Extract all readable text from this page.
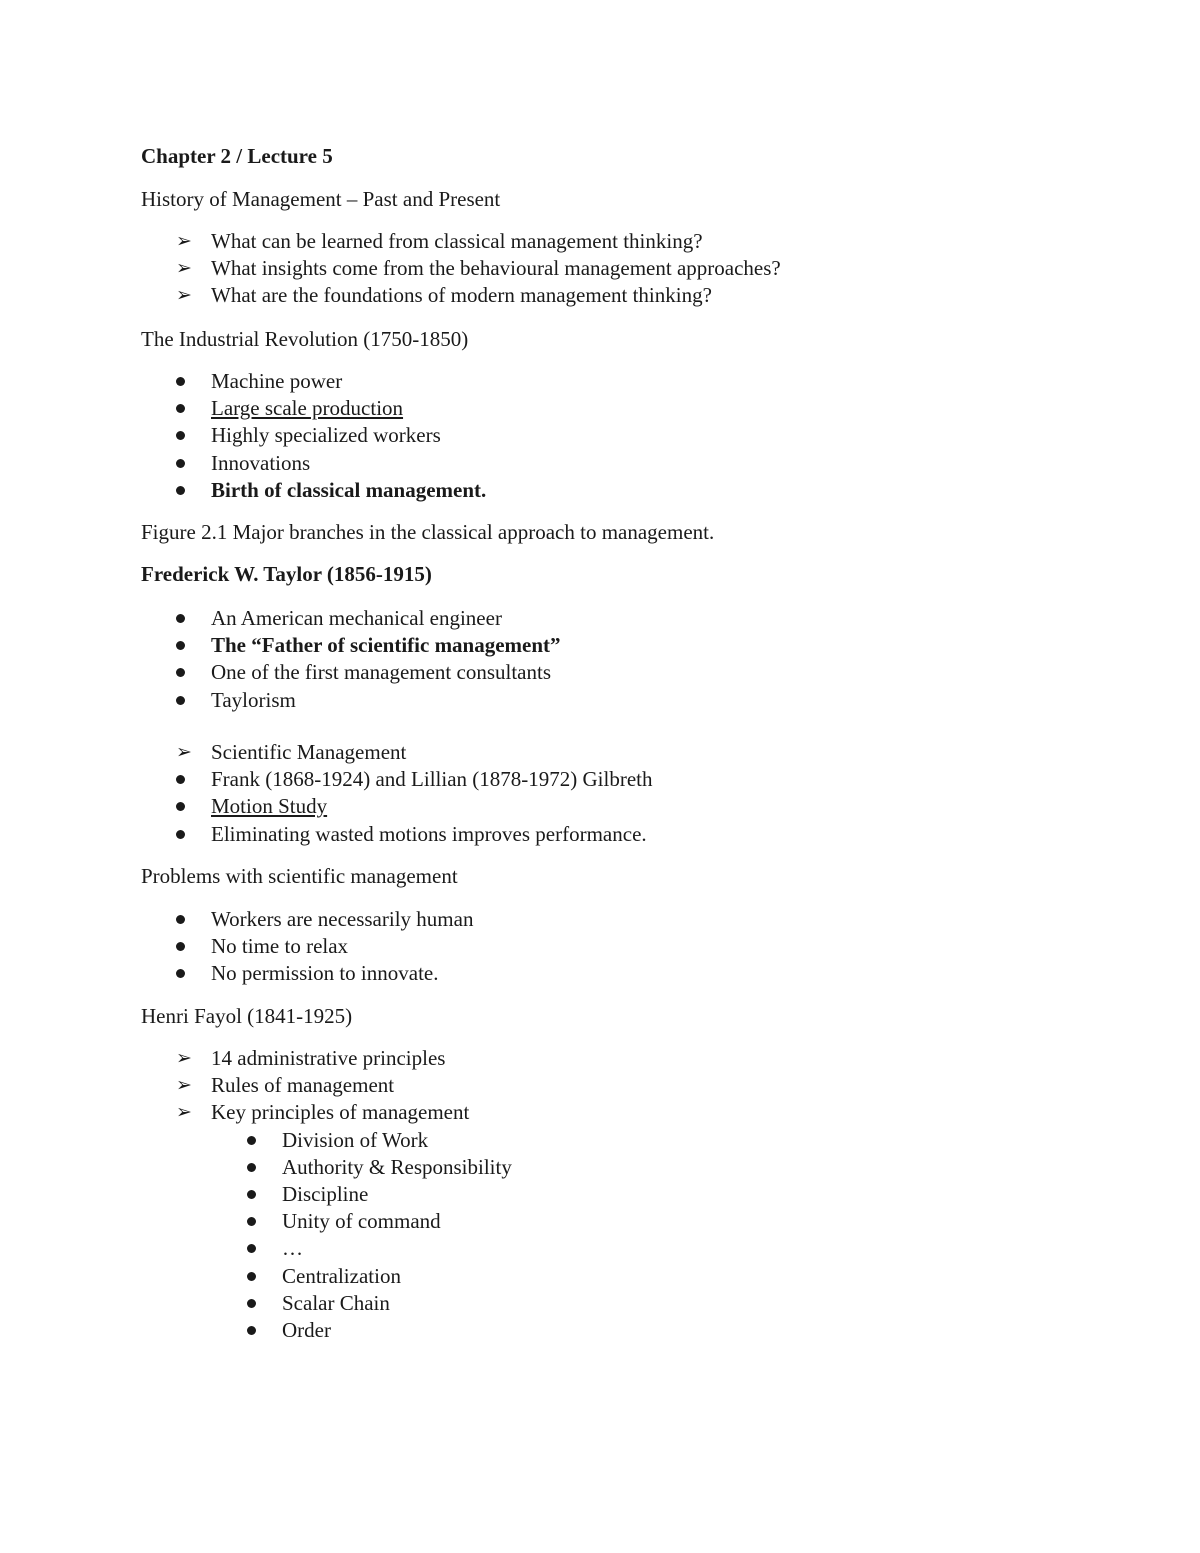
Chapter 2 / Lecture 5
History of Management – Past and Present
➢ What can be learned from classical management thinking?
➢ What insights come from the behavioural management approaches?
➢ What are the foundations of modern management thinking?
The Industrial Revolution (1750-1850)
Machine power
Large scale production
Highly specialized workers
Innovations
Birth of classical management.
Figure 2.1 Major branches in the classical approach to management.
Frederick W. Taylor (1856-1915)
An American mechanical engineer
The “Father of scientific management”
One of the first management consultants
Taylorism
➢ Scientific Management
Frank (1868-1924) and Lillian (1878-1972) Gilbreth
Motion Study
Eliminating wasted motions improves performance.
Problems with scientific management
Workers are necessarily human
No time to relax
No permission to innovate.
Henri Fayol (1841-1925)
➢ 14 administrative principles
➢ Rules of management
➢ Key principles of management
Division of Work
Authority & Responsibility
Discipline
Unity of command
…
Centralization
Scalar Chain
Order
